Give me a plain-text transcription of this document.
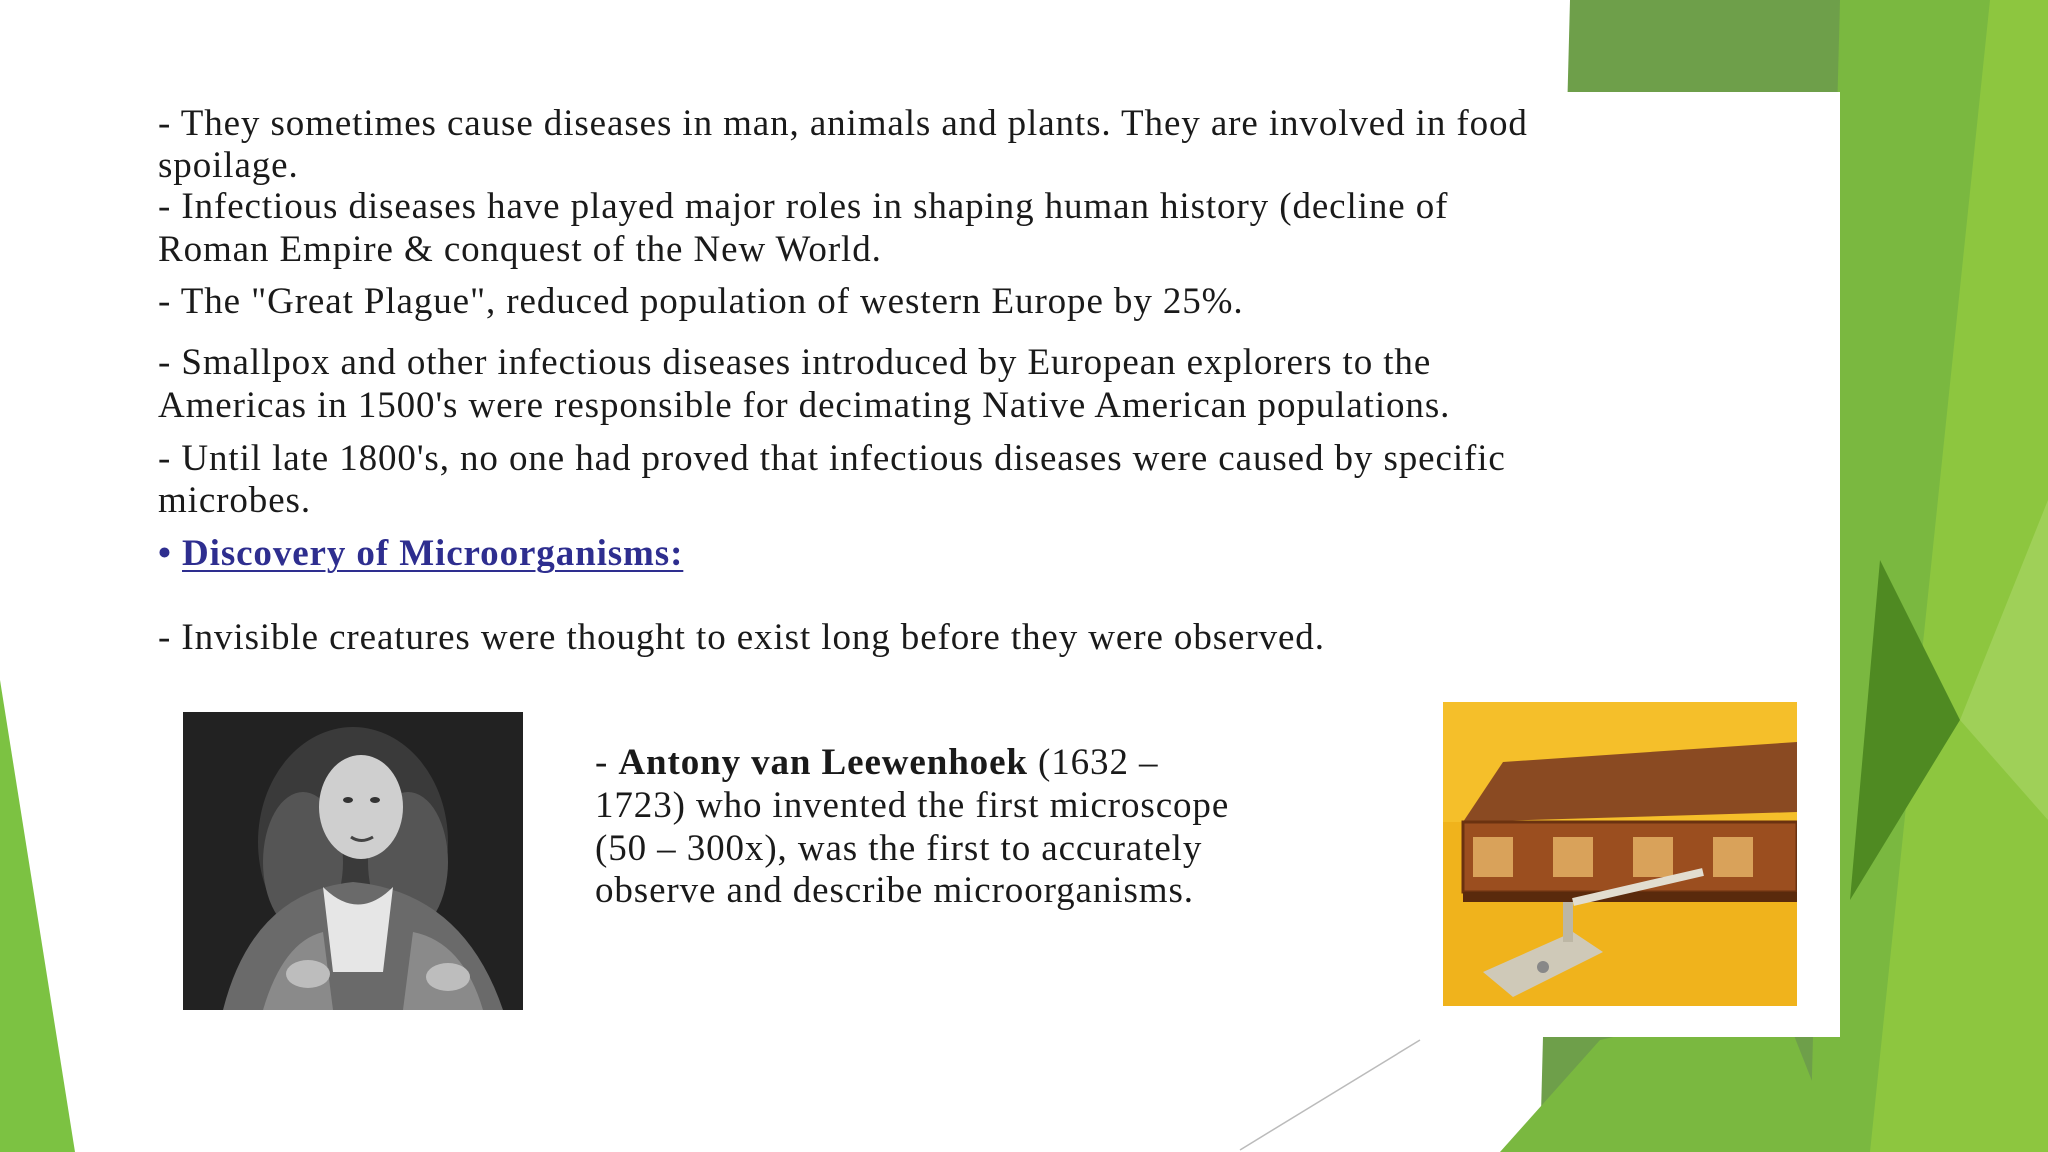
- They sometimes cause diseases in man, animals and plants. They are involved in food
spoilage.
- Infectious diseases have played major roles in shaping human history (decline of
Roman Empire & conquest of the New World.
- The "Great Plague", reduced population of western Europe by 25%.
- Smallpox and other infectious diseases introduced by European explorers to the
Americas in 1500's were responsible for decimating Native American populations.
- Until late 1800's, no one had proved that infectious diseases were caused by specific
microbes.
• Discovery of Microorganisms:
- Invisible creatures were thought to exist long before they were observed.
- Antony van Leewenhoek (1632 –
1723) who invented the first microscope
(50 – 300x), was the first to accurately
observe and describe microorganisms.
